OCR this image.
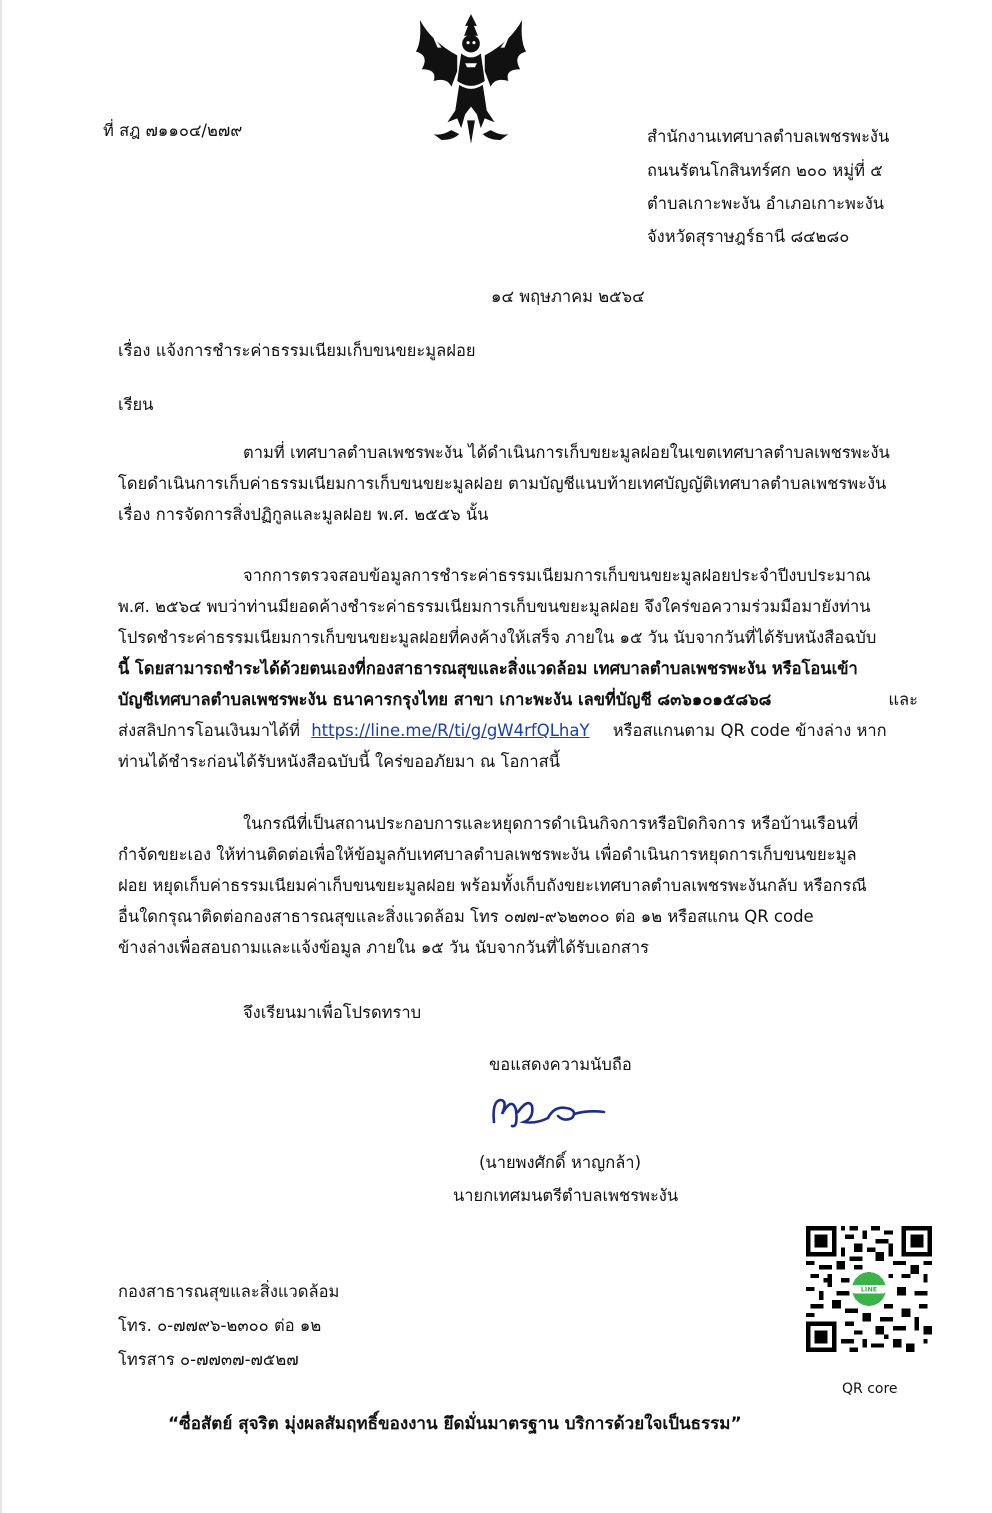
ที่ สฎ ๗๑๑๐๔/๒๗๙	สำนักงานเทศบาลตำบลเพชรพะงัน
ถนนรัตนโกสินทร์ศก ๒๐๐ หมู่ที่ ๕
ตำบลเกาะพะงัน อำเภอเกาะพะงัน
จังหวัดสุราษฎร์ธานี ๘๔๒๘๐
๑๔ พฤษภาคม ๒๕๖๔
เรื่อง แจ้งการชำระค่าธรรมเนียมเก็บขนขยะมูลฝอย
เรียน
ตามที่ เทศบาลตำบลเพชรพะงัน ได้ดำเนินการเก็บขยะมูลฝอยในเขตเทศบาลตำบลเพชรพะงัน
โดยดำเนินการเก็บค่าธรรมเนียมการเก็บขนขยะมูลฝอย ตามบัญชีแนบท้ายเทศบัญญัติเทศบาลตำบลเพชรพะงัน
เรื่อง การจัดการสิ่งปฏิกูลและมูลฝอย พ.ศ. ๒๕๕๖ นั้น
จากการตรวจสอบข้อมูลการชำระค่าธรรมเนียมการเก็บขนขยะมูลฝอยประจำปีงบประมาณ
พ.ศ. ๒๕๖๔ พบว่าท่านมียอดค้างชำระค่าธรรมเนียมการเก็บขนขยะมูลฝอย จึงใคร่ขอความร่วมมือมายังท่าน
โปรดชำระค่าธรรมเนียมการเก็บขนขยะมูลฝอยที่คงค้างให้เสร็จ ภายใน ๑๕ วัน นับจากวันที่ได้รับหนังสือฉบับ
นี้ โดยสามารถชำระได้ด้วยตนเองที่กองสาธารณสุขและสิ่งแวดล้อม เทศบาลตำบลเพชรพะงัน หรือโอนเข้า
บัญชีเทศบาลตำบลเพชรพะงัน ธนาคารกรุงไทย สาขา เกาะพะงัน เลขที่บัญชี ๘๓๖๑๐๑๕๘๖๘	และ
ส่งสลิปการโอนเงินมาได้ที่ https://line.me/R/ti/g/gW4rfQLhaY หรือสแกนตาม QR code ข้างล่าง หาก
ท่านได้ชำระก่อนได้รับหนังสือฉบับนี้ ใคร่ขออภัยมา ณ โอกาสนี้
ในกรณีที่เป็นสถานประกอบการและหยุดการดำเนินกิจการหรือปิดกิจการ หรือบ้านเรือนที่
กำจัดขยะเอง ให้ท่านติดต่อเพื่อให้ข้อมูลกับเทศบาลตำบลเพชรพะงัน เพื่อดำเนินการหยุดการเก็บขนขยะมูล
ฝอย หยุดเก็บค่าธรรมเนียมค่าเก็บขนขยะมูลฝอย พร้อมทั้งเก็บถังขยะเทศบาลตำบลเพชรพะงันกลับ หรือกรณี
อื่นใดกรุณาติดต่อกองสาธารณสุขและสิ่งแวดล้อม โทร ๐๗๗-๙๖๒๓๐๐ ต่อ ๑๒ หรือสแกน QR code
ข้างล่างเพื่อสอบถามและแจ้งข้อมูล ภายใน ๑๕ วัน นับจากวันที่ได้รับเอกสาร
จึงเรียนมาเพื่อโปรดทราบ
ขอแสดงความนับถือ
(นายพงศักดิ์ หาญกล้า)
นายกเทศมนตรีตำบลเพชรพะงัน
กองสาธารณสุขและสิ่งแวดล้อม
โทร. ๐-๗๗๙๖-๒๓๐๐ ต่อ ๑๒
โทรสาร ๐-๗๗๓๗-๗๕๒๗
LINE
QR core
“ซื่อสัตย์ สุจริต มุ่งผลสัมฤทธิ์ของงาน ยึดมั่นมาตรฐาน บริการด้วยใจเป็นธรรม”
